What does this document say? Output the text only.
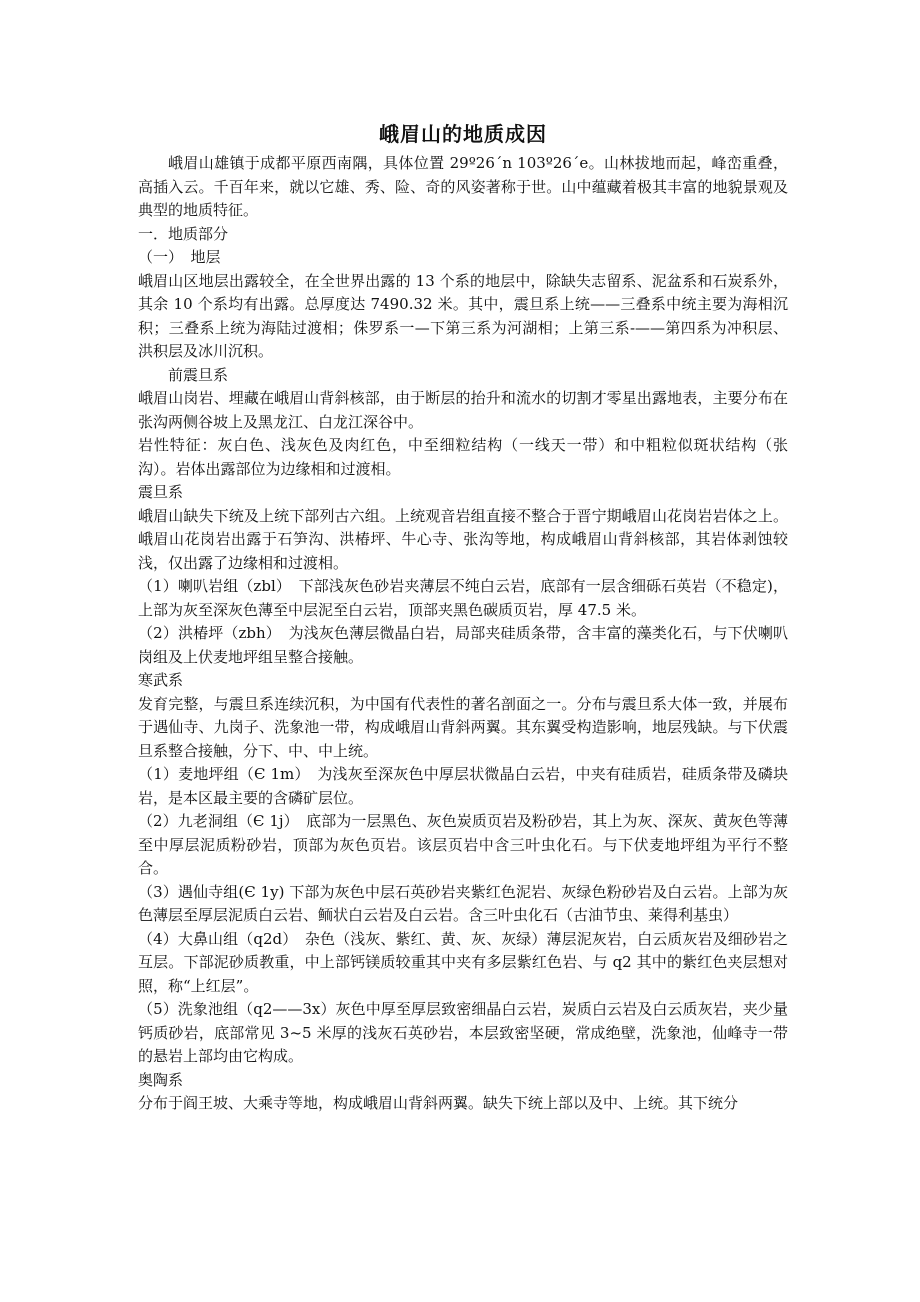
峨眉山的地质成因

峨眉山雄镇于成都平原西南隅，具体位置 29º26´n 103º26´e。山林拔地而起，峰峦重叠，高插入云。千百年来，就以它雄、秀、险、奇的风姿著称于世。山中蕴藏着极其丰富的地貌景观及典型的地质特征。

一．地质部分

（一）　地层

峨眉山区地层出露较全，在全世界出露的 13 个系的地层中，除缺失志留系、泥盆系和石炭系外，其余 10 个系均有出露。总厚度达 7490.32 米。其中，震旦系上统——三叠系中统主要为海相沉积；三叠系上统为海陆过渡相；侏罗系一—下第三系为河湖相；上第三系-——第四系为冲积层、洪积层及冰川沉积。

前震旦系

峨眉山岗岩、埋藏在峨眉山背斜核部，由于断层的抬升和流水的切割才零星出露地表，主要分布在张沟两侧谷坡上及黑龙江、白龙江深谷中。

岩性特征：灰白色、浅灰色及肉红色，中至细粒结构（一线天一带）和中粗粒似斑状结构（张沟）。岩体出露部位为边缘相和过渡相。

震旦系

峨眉山缺失下统及上统下部列古六组。上统观音岩组直接不整合于晋宁期峨眉山花岗岩岩体之上。峨眉山花岗岩出露于石笋沟、洪椿坪、牛心寺、张沟等地，构成峨眉山背斜核部，其岩体剥蚀较浅，仅出露了边缘相和过渡相。

（1）喇叭岩组（zbl）　下部浅灰色砂岩夹薄层不纯白云岩，底部有一层含细砾石英岩（不稳定)，上部为灰至深灰色薄至中层泥至白云岩，顶部夹黑色碳质页岩，厚 47.5 米。

（2）洪椿坪（zbh）　为浅灰色薄层微晶白岩，局部夹硅质条带，含丰富的藻类化石，与下伏喇叭岗组及上伏麦地坪组呈整合接触。

寒武系

发育完整，与震旦系连续沉积，为中国有代表性的著名剖面之一。分布与震旦系大体一致，并展布于遇仙寺、九岗子、洗象池一带，构成峨眉山背斜两翼。其东翼受构造影响，地层残缺。与下伏震旦系整合接触，分下、中、中上统。

（1）麦地坪组（Є 1m）　为浅灰至深灰色中厚层状微晶白云岩，中夹有硅质岩，硅质条带及磷块岩，是本区最主要的含磷矿层位。

（2）九老洞组（Є 1j）　底部为一层黑色、灰色炭质页岩及粉砂岩，其上为灰、深灰、黄灰色等薄至中厚层泥质粉砂岩，顶部为灰色页岩。该层页岩中含三叶虫化石。与下伏麦地坪组为平行不整合。

（3）遇仙寺组(Є 1y) 下部为灰色中层石英砂岩夹紫红色泥岩、灰绿色粉砂岩及白云岩。上部为灰色薄层至厚层泥质白云岩、鲕状白云岩及白云岩。含三叶虫化石（古油节虫、莱得利基虫）

（4）大鼻山组（q2d）　杂色（浅灰、紫红、黄、灰、灰绿）薄层泥灰岩，白云质灰岩及细砂岩之互层。下部泥砂质教重，中上部钙镁质较重其中夹有多层紫红色岩、与 q2 其中的紫红色夹层想对照，称“上红层”。

（5）洗象池组（q2——3x）灰色中厚至厚层致密细晶白云岩，炭质白云岩及白云质灰岩，夹少量钙质砂岩，底部常见 3~5 米厚的浅灰石英砂岩，本层致密坚硬，常成绝壁，洗象池，仙峰寺一带的悬岩上部均由它构成。

奥陶系

分布于阎王坡、大乘寺等地，构成峨眉山背斜两翼。缺失下统上部以及中、上统。其下统分
